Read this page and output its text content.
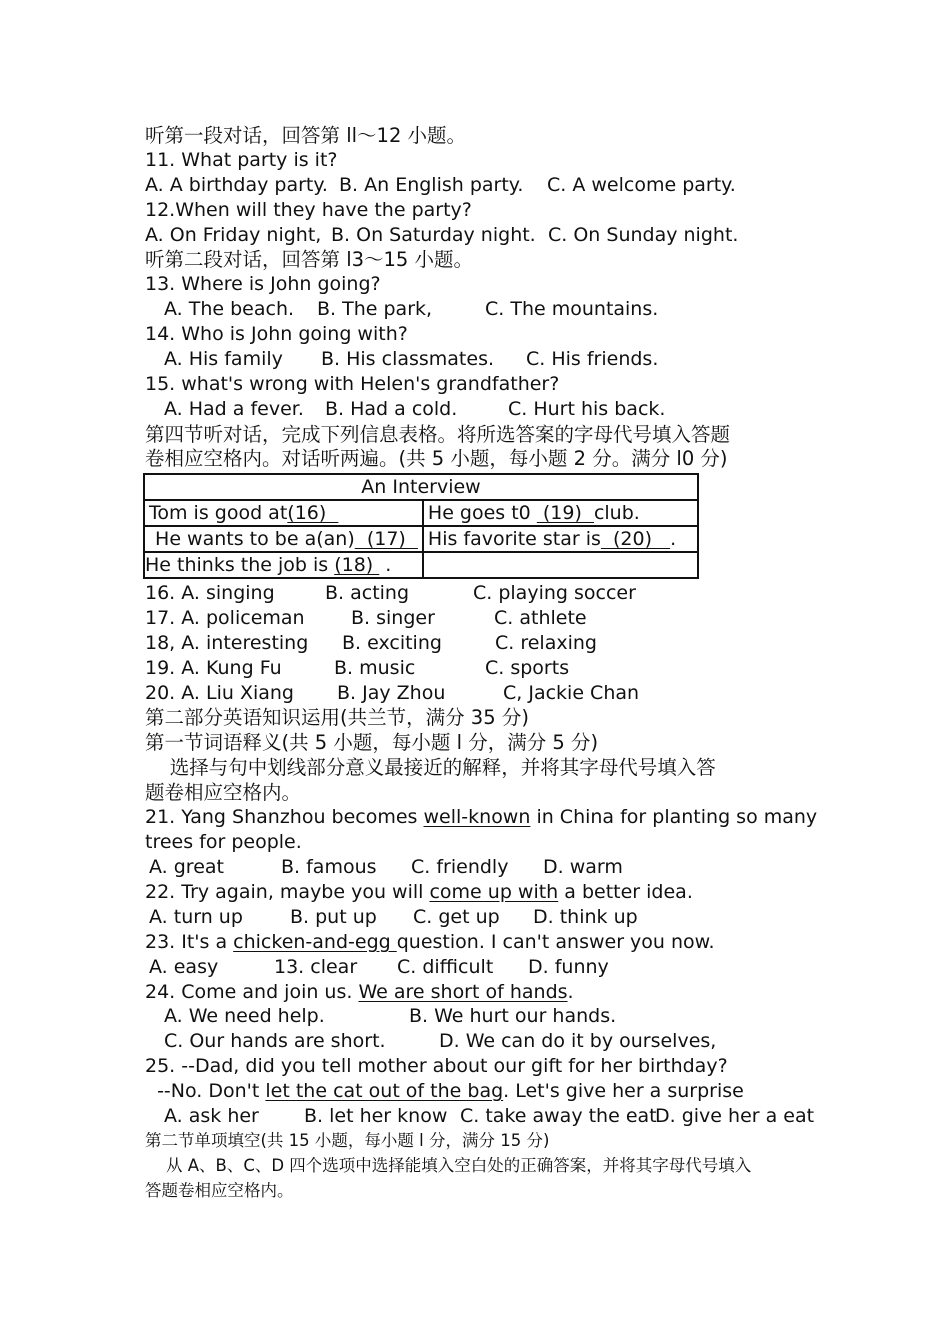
听第一段对话，回答第 ll～12 小题。
11. What party is it?
A. A birthday party. B. An English party. C. A welcome party.
12.When will they have the party?
A. On Friday night, B. On Saturday night. C. On Sunday night.
听第二段对话，回答第 l3～15 小题。
13. Where is John going?
A. The beach. B. The park,	C. The mountains.
14. Who is John going with?
A. His family B. His classmates. C. His friends.
15. what's wrong with Helen's grandfather?
A. Had a fever. B. Had a cold.	C. Hurt his back.
第四节听对话，完成下列信息表格。将所选答案的字母代号填入答题
卷相应空格内。对话听两遍。(共 5 小题，每小题 2 分。满分 l0 分)
An Interview	
Tom is good at(16)	He goes t0  (19)  club.
He wants to be a(an)  (17)	His favorite star is  (20)   .
He thinks the job is (18)  .	
16. A. singing	B. acting	C. playing soccer
17. A. policeman B. singer	C. athlete
18, A. interesting B. exciting	C. relaxing
19. A. Kung Fu	B. music	C. sports
20. A. Liu Xiang B. Jay Zhou	C, Jackie Chan
第二部分英语知识运用(共兰节，满分 35 分)
第一节词语释义(共 5 小题，每小题 l 分，满分 5 分)
选择与句中划线部分意义最接近的解释，并将其字母代号填入答
题卷相应空格内。
21. Yang Shanzhou becomes well-known in China for planting so many
trees for people.
A. great	B. famous C. friendly D. warm
22. Try again, maybe you will come up with a better idea.
A. turn up B. put up C. get up D. think up
23. It's a chicken-and-egg question. I can't answer you now.
A. easy	13. clear C. difficult D. funny
24. Come and join us. We are short of hands.
A. We need help.	B. We hurt our hands.
C. Our hands are short.	D. We can do it by ourselves,
25. --Dad, did you tell mother about our gift for her birthday?
--No. Don't let the cat out of the bag. Let's give her a surprise
A. ask her B. let her know C. take away the eat
D. give her a eat
第二节单项填空(共 15 小题，每小题 l 分，满分 15 分)
从 A、B、C、D 四个选项中选择能填入空白处的正确答案，并将其字母代号填入
答题卷相应空格内。
